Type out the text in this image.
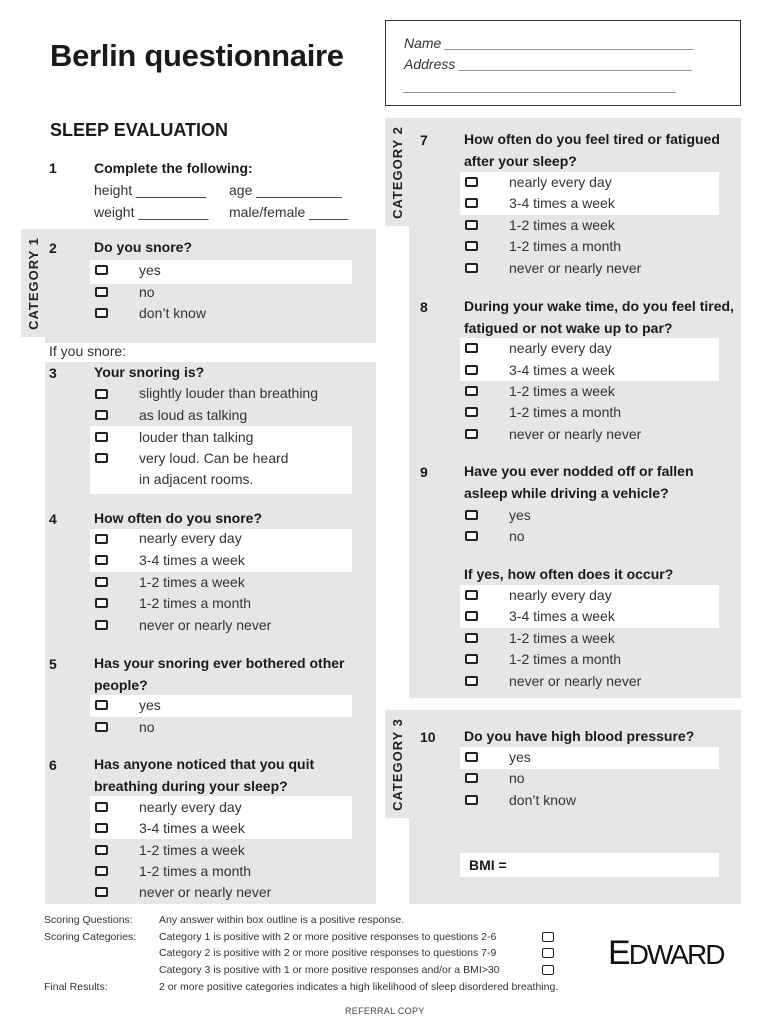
Berlin questionnaire	Name ________________________________
Address ______________________________
___________________________________
SLEEP EVALUATION
1	Complete the following:
height _________ age ___________
weight _________ male/female _____
CATEGORY 1 2	Do you snore?
yes
no
don’t know
If you snore:
3	Your snoring is?
slightly louder than breathing
as loud as talking
louder than talking
very loud. Can be heard
in adjacent rooms.
4	How often do you snore?
nearly every day
3-4 times a week
1-2 times a week
1-2 times a month
never or nearly never
5	Has your snoring ever bothered other
people?
yes
no
6	Has anyone noticed that you quit
breathing during your sleep?
nearly every day
3-4 times a week
1-2 times a week
1-2 times a month
never or nearly never
CATEGORY 2 7	How often do you feel tired or fatigued
after your sleep?
nearly every day
3-4 times a week
1-2 times a week
1-2 times a month
never or nearly never
8	During your wake time, do you feel tired,
fatigued or not wake up to par?
nearly every day
3-4 times a week
1-2 times a week
1-2 times a month
never or nearly never
9	Have you ever nodded off or fallen
asleep while driving a vehicle?
yes
no
If yes, how often does it occur?
nearly every day
3-4 times a week
1-2 times a week
1-2 times a month
never or nearly never
CATEGORY 3 10 Do you have high blood pressure?
yes
no
don’t know
BMI =
Scoring Questions:	Any answer within box outline is a positive response.
Scoring Categories: Category 1 is positive with 2 or more positive responses to questions 2-6
Category 2 is positive with 2 or more positive responses to questions 7-9
Category 3 is positive with 1 or more positive responses and/or a BMI>30
Final Results:	2 or more positive categories indicates a high likelihood of sleep disordered breathing.
EDWARD
REFERRAL COPY
